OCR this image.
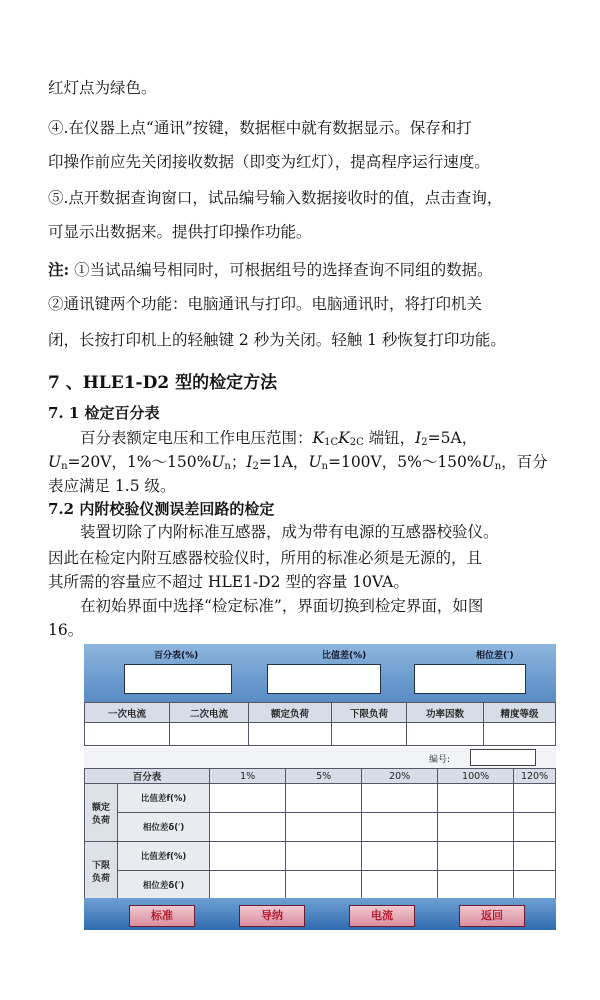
红灯点为绿色。
④.在仪器上点“通讯”按键，数据框中就有数据显示。保存和打
印操作前应先关闭接收数据（即变为红灯），提高程序运行速度。
⑤.点开数据查询窗口，试品编号输入数据接收时的值，点击查询，
可显示出数据来。提供打印操作功能。
注: ①当试品编号相同时，可根据组号的选择查询不同组的数据。
②通讯键两个功能：电脑通讯与打印。电脑通讯时，将打印机关
闭，长按打印机上的轻触键 2 秒为关闭。轻触 1 秒恢复打印功能。
7 、HLE1-D2 型的检定方法
7. 1 检定百分表
百分表额定电压和工作电压范围：$K_{1C}K_{2C}$ 端钮，$I_2=5A$，
$U_n=20V$，$1\%\sim 150\%U_n$；$I_2=1A$，$U_n=100V$，$5\%\sim 150\%U_n$，百分
表应满足 1.5 级。
7.2 内附校验仪测误差回路的检定
装置切除了内附标准互感器，成为带有电源的互感器校验仪。
因此在检定内附互感器校验仪时，所用的标准必须是无源的，且
其所需的容量应不超过 HLE1-D2 型的容量 10VA。
在初始界面中选择“检定标准”，界面切换到检定界面，如图
16。
百分表(%)	比值差(%)	相位差(′)
一次电流	二次电流	额定负荷	下限负荷	功率因数	精度等级

编号:
百分表		1%	5%	20%	100%	120%
额定
负荷	比值差f(%)					
	相位差δ(′)					
下限
负荷	比值差f(%)					
	相位差δ(′)					
标准	导纳	电流	返回
